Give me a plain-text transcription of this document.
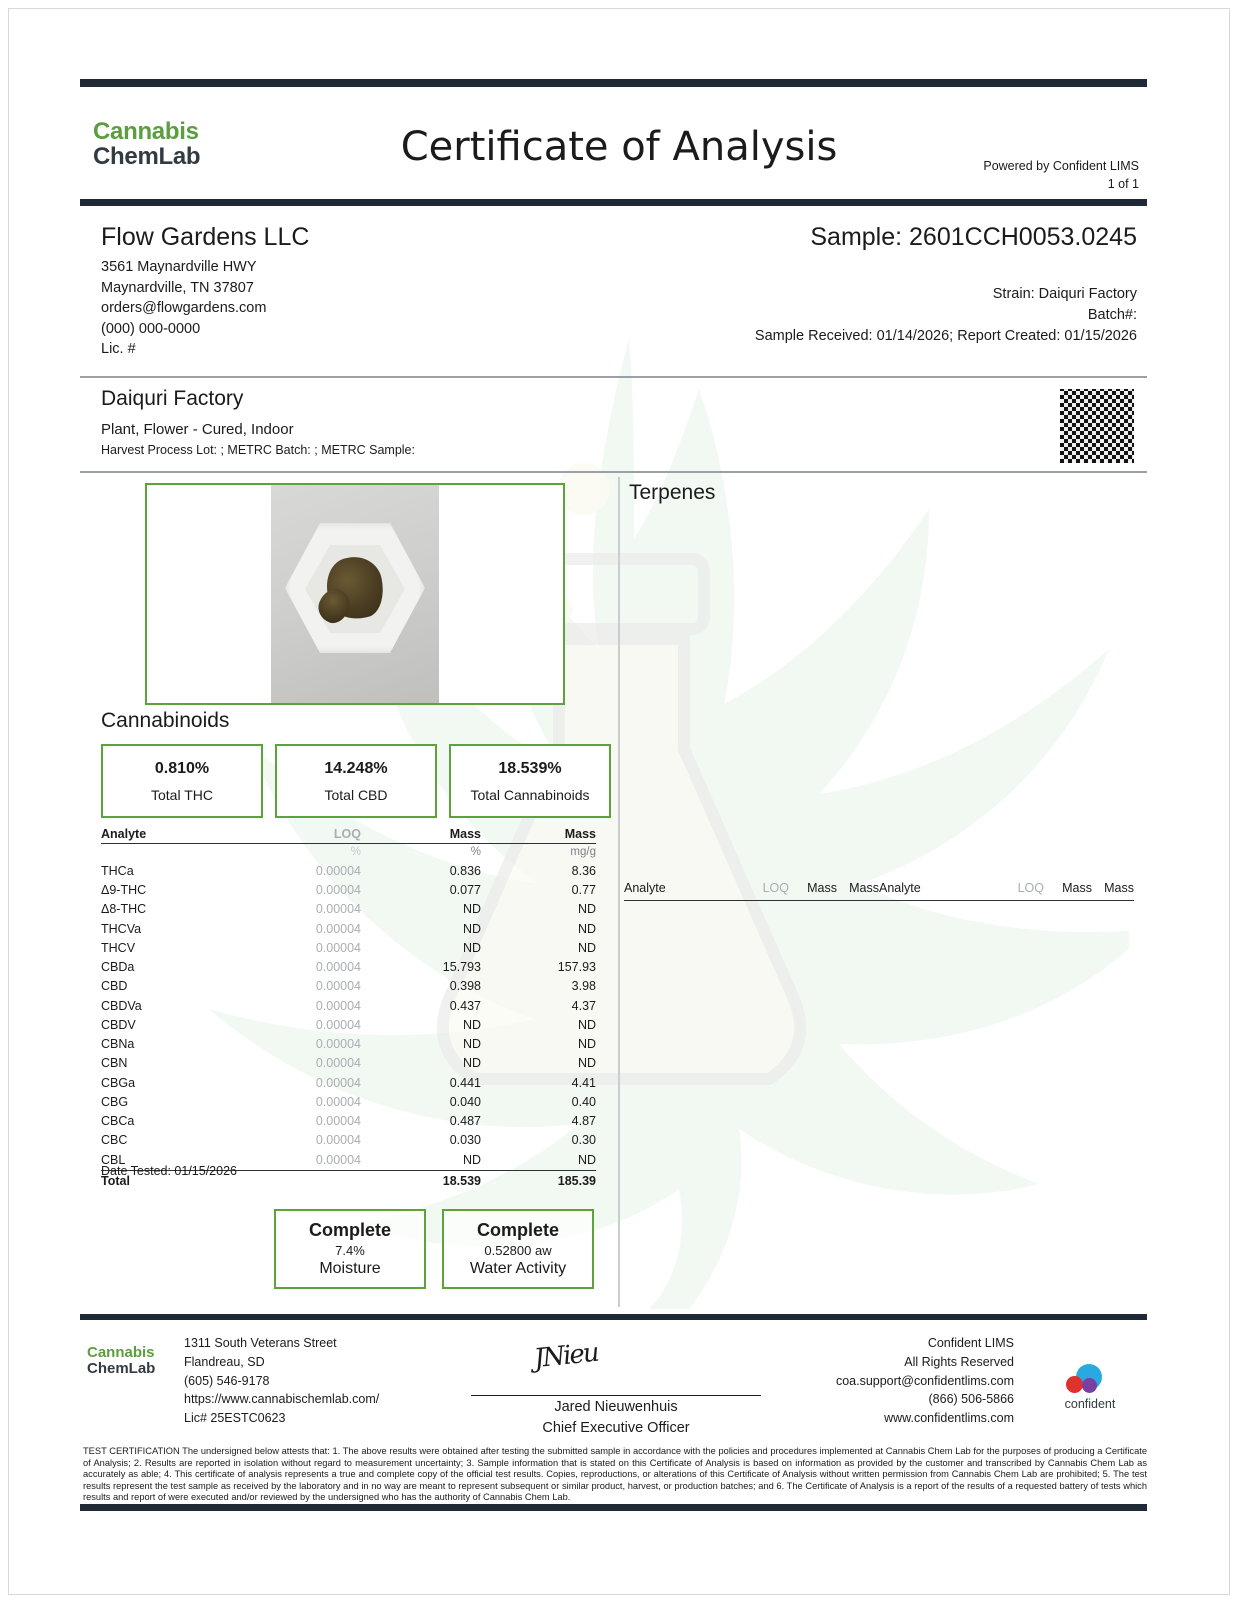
Cannabis
ChemLab	Certificate of Analysis	Powered by Confident LIMS
1 of 1
Flow Gardens LLC
3561 Maynardville HWY
Maynardville, TN 37807
orders@flowgardens.com
(000) 000-0000
Lic. #
Sample: 2601CCH0053.0245
Strain: Daiquri Factory
Batch#:
Sample Received: 01/14/2026; Report Created: 01/15/2026
Daiquri Factory
Plant, Flower - Cured, Indoor
Harvest Process Lot: ; METRC Batch: ; METRC Sample:
Terpenes
Analyte	LOQ	Mass Mass Analyte	LOQ	Mass Mass
Cannabinoids
0.810%
Total THC
14.248%
Total CBD
18.539%
Total Cannabinoids
Analyte	LOQ	Mass	Mass
	%	%	mg/g
THCa	0.00004	0.836	8.36
Δ9-THC	0.00004	0.077	0.77
Δ8-THC	0.00004	ND	ND
THCVa	0.00004	ND	ND
THCV	0.00004	ND	ND
CBDa	0.00004	15.793	157.93
CBD	0.00004	0.398	3.98
CBDVa	0.00004	0.437	4.37
CBDV	0.00004	ND	ND
CBNa	0.00004	ND	ND
CBN	0.00004	ND	ND
CBGa	0.00004	0.441	4.41
CBG	0.00004	0.040	0.40
CBCa	0.00004	0.487	4.87
CBC	0.00004	0.030	0.30
CBL	0.00004	ND	ND
Total		18.539	185.39
Date Tested: 01/15/2026
Complete
7.4%
Moisture
Complete
0.52800 aw
Water Activity
Cannabis
ChemLab
1311 South Veterans Street
Flandreau, SD
(605) 546-9178
https://www.cannabischemlab.com/
Lic# 25ESTC0623
JNieu
Jared Nieuwenhuis
Chief Executive Officer
Confident LIMS
All Rights Reserved
coa.support@confidentlims.com
(866) 506-5866
www.confidentlims.com
confident
TEST CERTIFICATION The undersigned below attests that: 1. The above results were obtained after testing the submitted sample in accordance with the policies and procedures implemented at Cannabis Chem Lab for the purposes of producing a Certificate of Analysis; 2. Results are reported in isolation without regard to measurement uncertainty; 3. Sample information that is stated on this Certificate of Analysis is based on information as provided by the customer and transcribed by Cannabis Chem Lab as accurately as able; 4. This certificate of analysis represents a true and complete copy of the official test results. Copies, reproductions, or alterations of this Certificate of Analysis without written permission from Cannabis Chem Lab are prohibited; 5. The test results represent the test sample as received by the laboratory and in no way are meant to represent subsequent or similar product, harvest, or production batches; and 6. The Certificate of Analysis is a report of the results of a requested battery of tests which results and report of were executed and/or reviewed by the undersigned who has the authority of Cannabis Chem Lab.
